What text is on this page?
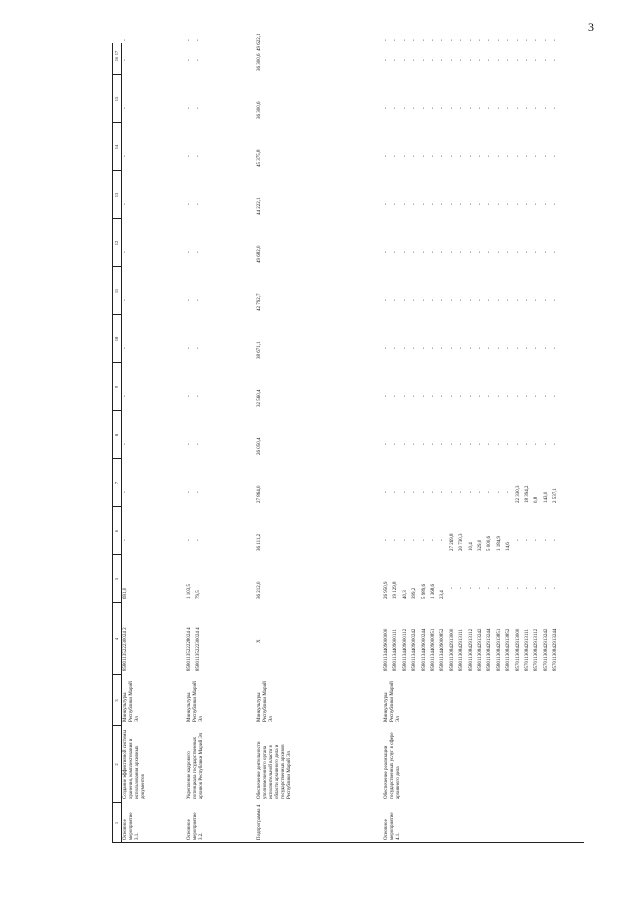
3
1
2
3
4
5
6
7
8
9
10
11
12
13
14
15
16
17
Основное мероприятие 3.1.
Создание эффективной системы хранения, комплектования и использования архивных документов
Минкультуры Республики Марий Эл
8580113522230024 2
691,0
-
-
-
-
-
-
-
-
-
-
-
-
Основное мероприятие 3.2.
Укрепление кадрового потенциала государственных архивов Республики Марий Эл
Минкультуры Республики Марий Эл
8580113522228024 4
1 103,5
-
-
-
-
-
-
-
-
-
-
-
-
8580113522230024 4
79,5
-
-
-
-
-
-
-
-
-
-
-
-
Подпрограмма 4
Обеспечение деятельности уполномоченного органа исполнительной власти в области архивного дела и государственных архивов Республики Марий Эл
Минкультуры Республики Марий Эл
X
36 212,0
36 111,2
27 864,0
26 050,4
32 560,4
38 671,1
42 792,7
49 682,0
44 222,1
45 375,8
36 300,6
36 300,6
49 622,1
Основное мероприятие 4.1.
Обеспечение реализации государственных услуг в сфере архивного дела
Минкультуры Республики Марий Эл
85801134409000000
26 950,9
-
-
-
-
-
-
-
-
-
-
-
-
85801134409000111
19 129,8
-
-
-
-
-
-
-
-
-
-
-
-
85801134409000112
40,3
-
-
-
-
-
-
-
-
-
-
-
-
85801134409000242
399,2
-
-
-
-
-
-
-
-
-
-
-
-
85801134409000244
5 989,6
-
-
-
-
-
-
-
-
-
-
-
-
85801134409000851
1 368,6
-
-
-
-
-
-
-
-
-
-
-
-
85801134409000852
23,4
-
-
-
-
-
-
-
-
-
-
-
-
85801130842913000
-
27 269,8
-
-
-
-
-
-
-
-
-
-
-
85801130842913111
-
20 730,3
-
-
-
-
-
-
-
-
-
-
-
85801130842913112
-
10,4
-
-
-
-
-
-
-
-
-
-
-
85801130842913242
-
329,0
-
-
-
-
-
-
-
-
-
-
-
85801130842913244
-
5 000,6
-
-
-
-
-
-
-
-
-
-
-
85801130842913851
-
1 184,9
-
-
-
-
-
-
-
-
-
-
-
85801130842913852
-
14,6
-
-
-
-
-
-
-
-
-
-
-
85701130842913000
-
-
22 330,3
-
-
-
-
-
-
-
-
-
-
85701130842913111
-
-
18 394,2
-
-
-
-
-
-
-
-
-
-
85701130842913112
-
-
0,8
-
-
-
-
-
-
-
-
-
-
85701130842913242
-
-
143,0
-
-
-
-
-
-
-
-
-
-
85701130842913244
-
-
2 537,1
-
-
-
-
-
-
-
-
-
-
